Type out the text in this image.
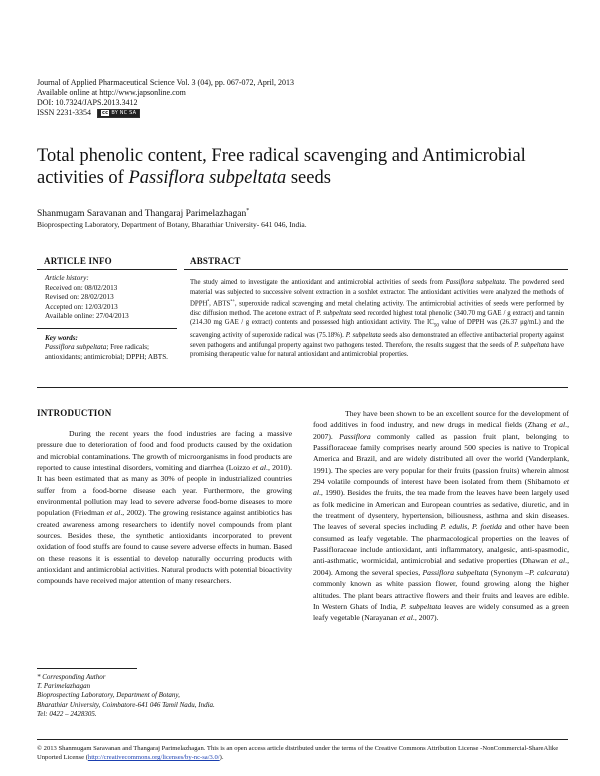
Journal of Applied Pharmaceutical Science Vol. 3 (04), pp. 067-072, April, 2013
Available online at http://www.japsonline.com
DOI: 10.7324/JAPS.2013.3412
ISSN 2231-3354 cc BY NC SA
Total phenolic content, Free radical scavenging and Antimicrobial activities of Passiflora subpeltata seeds
Shanmugam Saravanan and Thangaraj Parimelazhagan*
Bioprospecting Laboratory, Department of Botany, Bharathiar University- 641 046, India.
ARTICLE INFO
Article history:
Received on: 08/02/2013
Revised on: 28/02/2013
Accepted on: 12/03/2013
Available online: 27/04/2013
Key words:
Passiflora subpeltata; Free radicals; antioxidants; antimicrobial; DPPH; ABTS.
ABSTRACT

The study aimed to investigate the antioxidant and antimicrobial activities of seeds from Passiflora subpeltata. The powdered seed material was subjected to successive solvent extraction in a soxhlet extractor. The antioxidant activities were analyzed the methods of DPPH•, ABTS•+, superoxide radical scavenging and metal chelating activity. The antimicrobial activities of seeds were performed by disc diffusion method. The acetone extract of P. subpeltata seed recorded highest total phenolic (340.70 mg GAE / g extract) and tannin (214.30 mg GAE / g extract) contents and possessed high antioxidant activity. The $IC_{50}$ value of DPPH was (26.37 μg/mL) and the scavenging activity of superoxide radical was (75.18%). P. subpeltata seeds also demonstrated an effective antibacterial property against seven pathogens and antifungal property against two pathogens tested. Therefore, the results suggest that the seeds of P. subpeltata have promising therapeutic value for natural antioxidant and antimicrobial properties.

INTRODUCTION

During the recent years the food industries are facing a massive pressure due to deterioration of food and food products caused by the oxidation and microbial contaminations. The growth of microorganisms in food products are reported to cause intestinal disorders, vomiting and diarrhea (Loizzo et al., 2010). It has been estimated that as many as 30% of people in industrialized countries suffer from a food-borne disease each year. Furthermore, the growing environmental pollution may lead to severe adverse food-borne diseases to more population (Friedman et al., 2002). The growing resistance against antibiotics has created awareness among researchers to identify novel compounds from plant sources. Besides these, the synthetic antioxidants incorporated to prevent oxidation of food stuffs are found to cause severe adverse effects in human. Based on these reasons it is essential to develop naturally occurring products with antioxidant and antimicrobial activities. Natural products with potential bioactivity compounds have received major attention of many researchers.

They have been shown to be an excellent source for the development of food additives in food industry, and new drugs in medical fields (Zhang et al., 2007). Passiflora commonly called as passion fruit plant, belonging to Passifloraceae family comprises nearly around 500 species is native to Tropical America and Brazil, and are widely distributed all over the world (Vanderplank, 1991). The species are very popular for their fruits (passion fruits) wherein almost 294 volatile compounds of interest have been isolated from them (Shibamoto et al., 1990). Besides the fruits, the tea made from the leaves have been largely used as folk medicine in American and European countries as sedative, diuretic, and in the treatment of dysentery, hypertension, biliousness, asthma and skin diseases. The leaves of several species including P. edulis, P. foetida and other have been consumed as leafy vegetable. The pharmacological properties on the leaves of Passifloraceae include antioxidant, anti inflammatory, analgesic, anti-spasmodic, anti-asthmatic, wormicidal, antimicrobial and sedative properties (Dhawan et al., 2004). Among the several species, Passiflora subpeltata (Synonym –P. calcarata) commonly known as white passion flower, found growing along the higher altitudes. The plant bears attractive flowers and their fruits and leaves are edible. In Western Ghats of India, P. subpeltata leaves are widely consumed as a green leafy vegetable (Narayanan et al., 2007).

* Corresponding Author
T. Parimelazhagan
Bioprospecting Laboratory, Department of Botany,
Bharathiar University, Coimbatore-641 046 Tamil Nadu, India.
Tel: 0422 – 2428305.
© 2013 Shanmugam Saravanan and Thangaraj Parimelazhagan. This is an open access article distributed under the terms of the Creative Commons Attribution License -NonCommercial-ShareAlike Unported License (http://creativecommons.org/licenses/by-nc-sa/3.0/).
